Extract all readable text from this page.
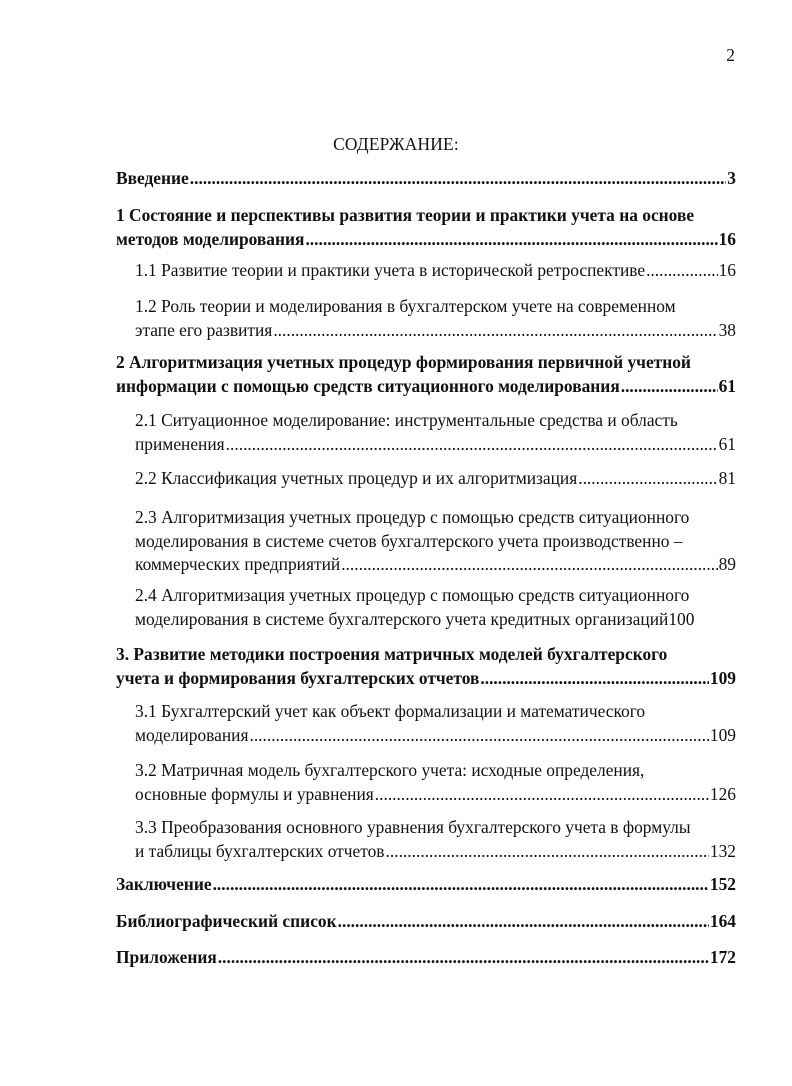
2
СОДЕРЖАНИЕ:
Введение .....	3
1 Состояние и перспективы развития теории и практики учета на основе
методов моделирования .....	16
1.1 Развитие теории и практики учета в исторической ретроспективе .....	16
1.2 Роль теории и моделирования в бухгалтерском учете на современном
этапе его развития .....	38
2 Алгоритмизация учетных процедур формирования первичной учетной
информации с помощью средств ситуационного моделирования .....	61
2.1 Ситуационное моделирование: инструментальные средства и область
применения .....	61
2.2 Классификация учетных процедур и их алгоритмизация .....	81
2.3 Алгоритмизация учетных процедур с помощью средств ситуационного
моделирования в системе счетов бухгалтерского учета производственно –
коммерческих предприятий .....	89
2.4 Алгоритмизация учетных процедур с помощью средств ситуационного
моделирования в системе бухгалтерского учета кредитных организаций 100
3. Развитие методики построения матричных моделей бухгалтерского
учета и формирования бухгалтерских отчетов .....	109
3.1 Бухгалтерский учет как объект формализации и математического
моделирования .....	109
3.2 Матричная модель бухгалтерского учета: исходные определения,
основные формулы и уравнения .....	126
3.3 Преобразования основного уравнения бухгалтерского учета в формулы
и таблицы бухгалтерских отчетов .....	132
Заключение .....	152
Библиографический список .....	164
Приложения .....	172
